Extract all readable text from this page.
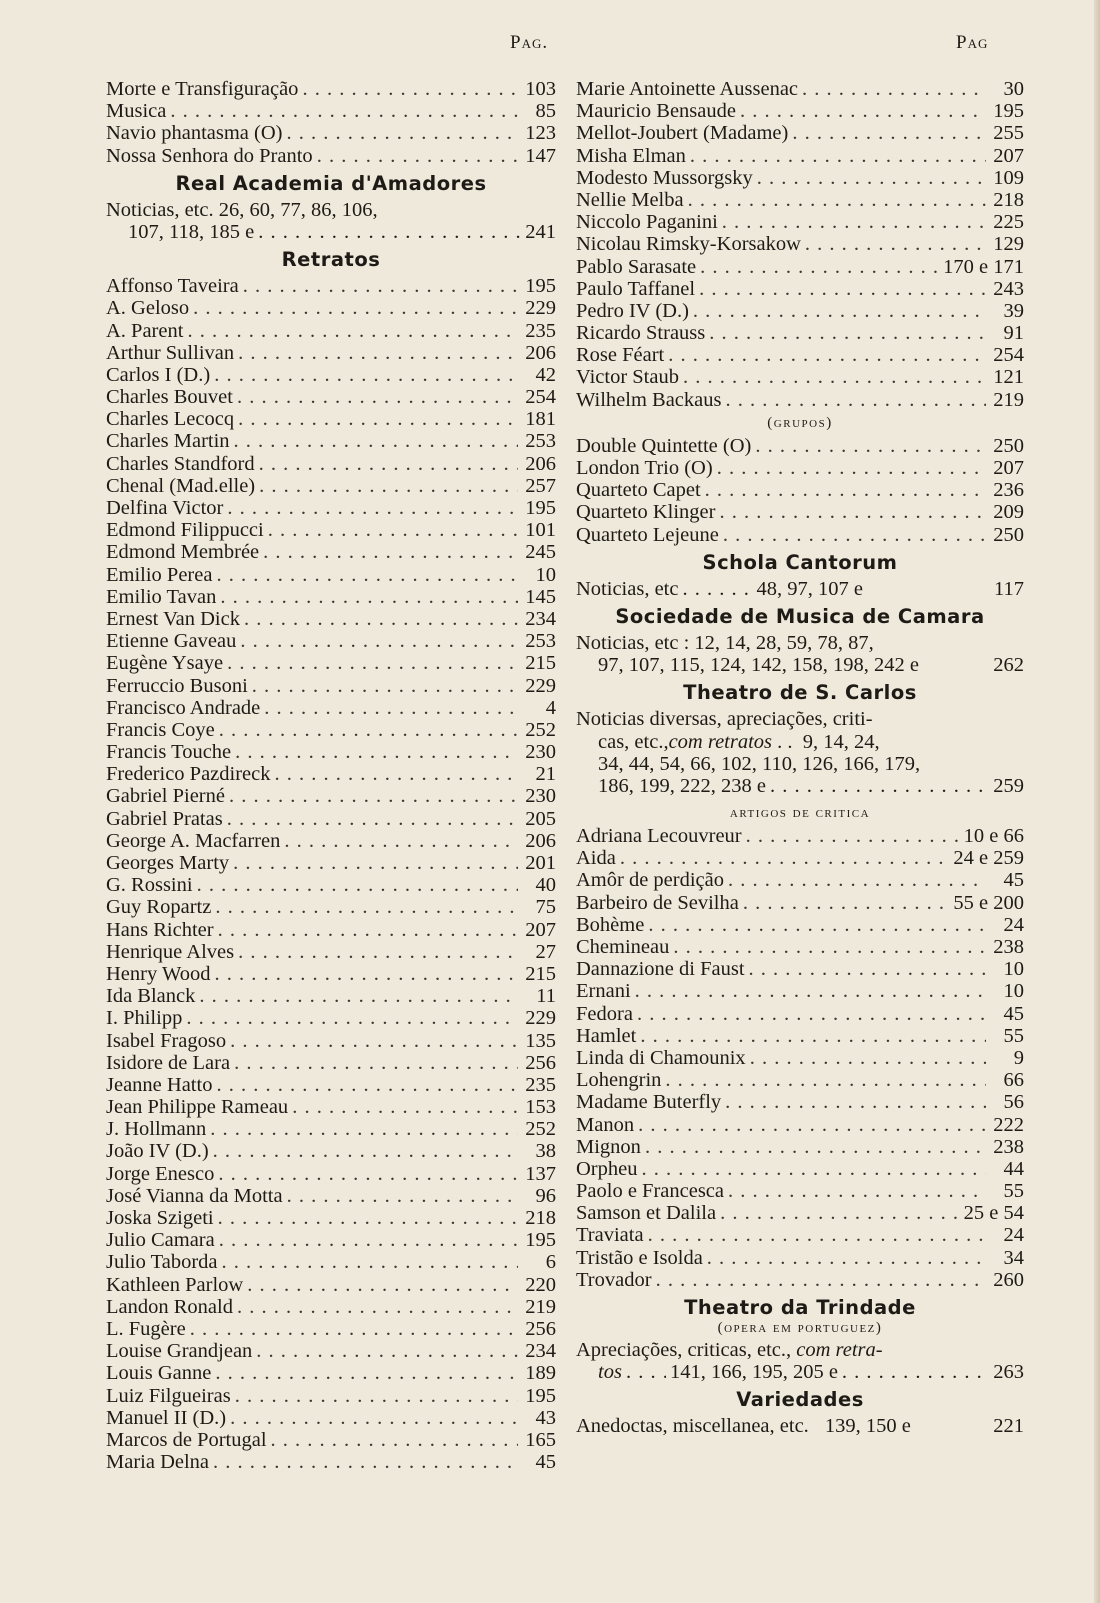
Pag.	Pag
Morte e Transfiguração . . .	103
Musica . . .	85
Navio phantasma (O) . . .	123
Nossa Senhora do Pranto . . .	147
Real Academia d'Amadores
Noticias, etc. 26, 60, 77, 86, 106,
107, 118, 185 e . . .	241
Retratos
Affonso Taveira . . .	195
A. Geloso . . .	229
A. Parent . . .	235
Arthur Sullivan . . .	206
Carlos I (D.) . . .	42
Charles Bouvet . . .	254
Charles Lecocq . . .	181
Charles Martin . . .	253
Charles Standford . . .	206
Chenal (Mad.elle) . . .	257
Delfina Victor . . .	195
Edmond Filippucci . . .	101
Edmond Membrée . . .	245
Emilio Perea . . .	10
Emilio Tavan . . .	145
Ernest Van Dick . . .	234
Etienne Gaveau . . .	253
Eugène Ysaye . . .	215
Ferruccio Busoni . . .	229
Francisco Andrade . . .	4
Francis Coye . . .	252
Francis Touche . . .	230
Frederico Pazdireck . . .	21
Gabriel Pierné . . .	230
Gabriel Pratas . . .	205
George A. Macfarren . . .	206
Georges Marty . . .	201
G. Rossini . . .	40
Guy Ropartz . . .	75
Hans Richter . . .	207
Henrique Alves . . .	27
Henry Wood . . .	215
Ida Blanck . . .	11
I. Philipp . . .	229
Isabel Fragoso . . .	135
Isidore de Lara . . .	256
Jeanne Hatto . . .	235
Jean Philippe Rameau . . .	153
J. Hollmann . . .	252
João IV (D.) . . .	38
Jorge Enesco . . .	137
José Vianna da Motta . . .	96
Joska Szigeti . . .	218
Julio Camara . . .	195
Julio Taborda . . .	6
Kathleen Parlow . . .	220
Landon Ronald . . .	219
L. Fugère . . .	256
Louise Grandjean . . .	234
Louis Ganne . . .	189
Luiz Filgueiras . . .	195
Manuel II (D.) . . .	43
Marcos de Portugal . . .	165
Maria Delna . . .	45
Marie Antoinette Aussenac . . .	30
Mauricio Bensaude . . .	195
Mellot-Joubert (Madame) . . .	255
Misha Elman . . .	207
Modesto Mussorgsky . . .	109
Nellie Melba . . .	218
Niccolo Paganini . . .	225
Nicolau Rimsky-Korsakow . . .	129
Pablo Sarasate . . .	170 e 171
Paulo Taffanel . . .	243
Pedro IV (D.) . . .	39
Ricardo Strauss . . .	91
Rose Féart . . .	254
Victor Staub . . .	121
Wilhelm Backaus . . .	219
(grupos)
Double Quintette (O) . . .	250
London Trio (O) . . .	207
Quarteto Capet . . .	236
Quarteto Klinger . . .	209
Quarteto Lejeune . . .	250
Schola Cantorum
Noticias, etc . . .	48, 97, 107 e	117
Sociedade de Musica de Camara
Noticias, etc : 12, 14, 28, 59, 78, 87,
97, 107, 115, 124, 142, 158, 198, 242 e	262
Theatro de S. Carlos
Noticias diversas, apreciações, criti-
cas, etc., com retratos . .  9, 14, 24,
34, 44, 54, 66, 102, 110, 126, 166, 179,
186, 199, 222, 238 e . . .	259
artigos de critica
Adriana Lecouvreur . . .	10 e 66
Aida . . .	24 e 259
Amôr de perdição . . .	45
Barbeiro de Sevilha . . .	55 e 200
Bohème . . .	24
Chemineau . . .	238
Dannazione di Faust . . .	10
Ernani . . .	10
Fedora . . .	45
Hamlet . . .	55
Linda di Chamounix . . .	9
Lohengrin . . .	66
Madame Buterfly . . .	56
Manon . . .	222
Mignon . . .	238
Orpheu . . .	44
Paolo e Francesca . . .	55
Samson et Dalila . . .	25 e 54
Traviata . . .	24
Tristão e Isolda . . .	34
Trovador . . .	260
Theatro da Trindade
(opera em portuguez)
Apreciações, criticas, etc., com retra-
tos . . . 141, 166, 195, 205 e . . .	263
Variedades
Anedoctas, miscellanea, etc. 139, 150 e	221
